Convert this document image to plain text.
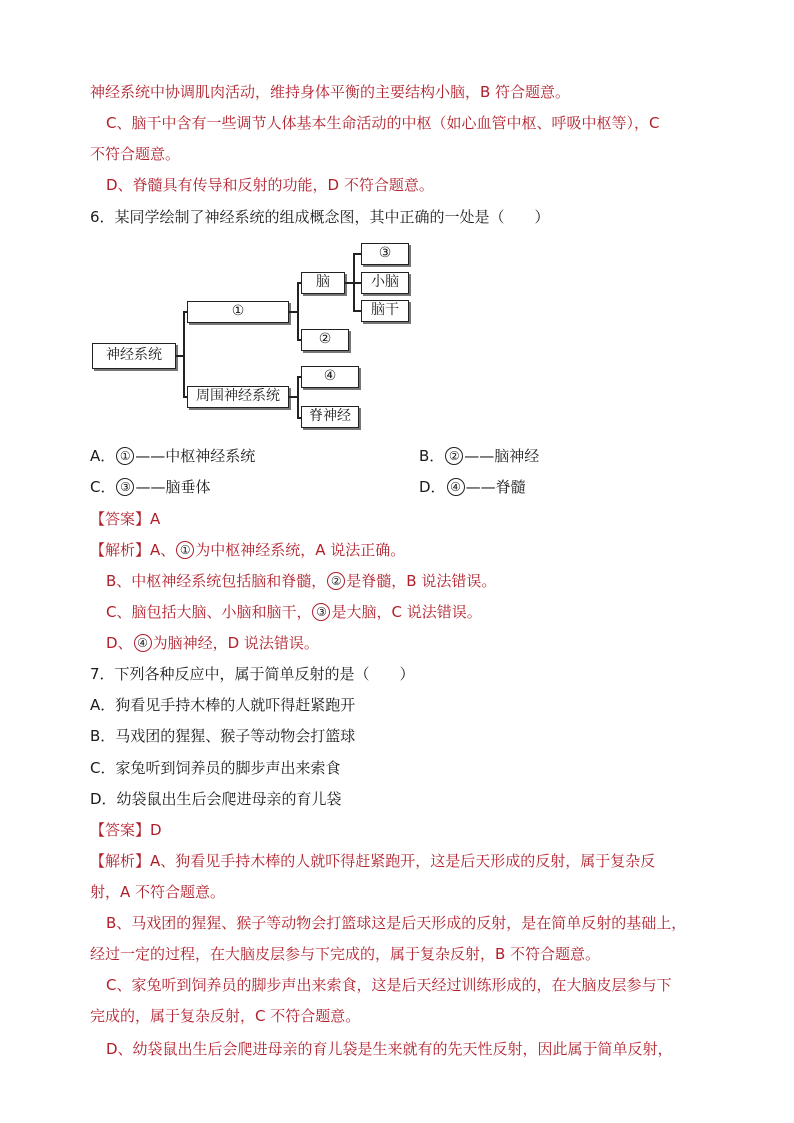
神经系统中协调肌肉活动，维持身体平衡的主要结构小脑，B 符合题意。
C、脑干中含有一些调节人体基本生命活动的中枢（如心血管中枢、呼吸中枢等），C
不符合题意。
D、脊髓具有传导和反射的功能，D 不符合题意。
6．某同学绘制了神经系统的组成概念图，其中正确的一处是（　　）
神经系统
①
脑
③
小脑
脑干
②
周围神经系统
④
脊神经
A． ① ——中枢神经系统	B． ② ——脑神经
C． ③ ——脑垂体	D． ④ ——脊髓
【答案】A
【解析】A、 ① 为中枢神经系统，A 说法正确。
B、中枢神经系统包括脑和脊髓， ② 是脊髓，B 说法错误。
C、脑包括大脑、小脑和脑干， ③ 是大脑，C 说法错误。
D、 ④ 为脑神经，D 说法错误。
7．下列各种反应中，属于简单反射的是（　　）
A．狗看见手持木棒的人就吓得赶紧跑开
B．马戏团的猩猩、猴子等动物会打篮球
C．家兔听到饲养员的脚步声出来索食
D．幼袋鼠出生后会爬进母亲的育儿袋
【答案】D
【解析】A、狗看见手持木棒的人就吓得赶紧跑开，这是后天形成的反射，属于复杂反
射，A 不符合题意。
B、马戏团的猩猩、猴子等动物会打篮球这是后天形成的反射，是在简单反射的基础上，
经过一定的过程，在大脑皮层参与下完成的，属于复杂反射，B 不符合题意。
C、家兔听到饲养员的脚步声出来索食，这是后天经过训练形成的，在大脑皮层参与下
完成的，属于复杂反射，C 不符合题意。
D、幼袋鼠出生后会爬进母亲的育儿袋是生来就有的先天性反射，因此属于简单反射，
